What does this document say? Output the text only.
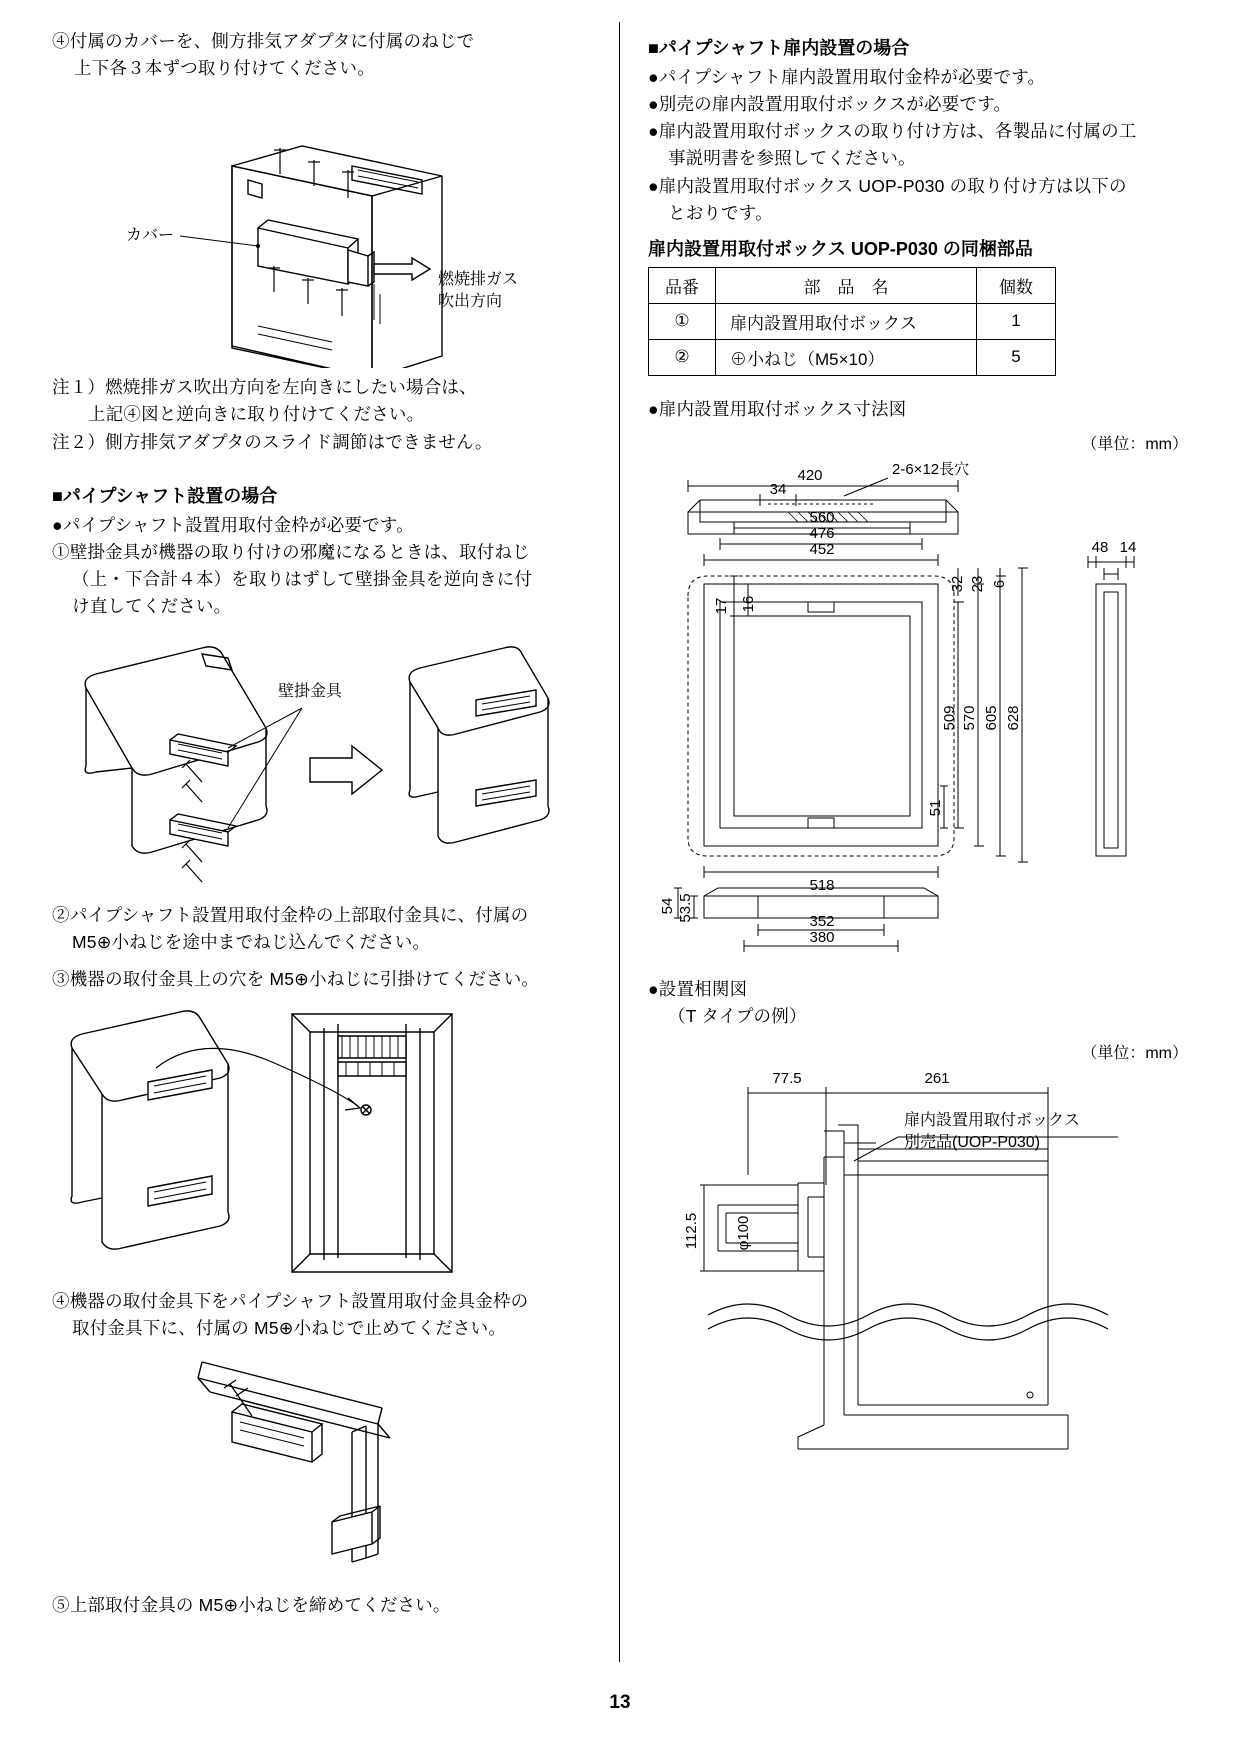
④付属のカバーを、側方排気アダプタに付属のねじで

上下各３本ずつ取り付けてください。

カバー
燃焼排ガス
吹出方向

注１）燃焼排ガス吹出方向を左向きにしたい場合は、

上記④図と逆向きに取り付けてください。

注２）側方排気アダプタのスライド調節はできません。

■パイプシャフト設置の場合

●パイプシャフト設置用取付金枠が必要です。

①壁掛金具が機器の取り付けの邪魔になるときは、取付ねじ

（上・下合計４本）を取りはずして壁掛金具を逆向きに付

け直してください。

壁掛金具

②パイプシャフト設置用取付金枠の上部取付金具に、付属の

M5⊕小ねじを途中までねじ込んでください。

③機器の取付金具上の穴を M5⊕小ねじに引掛けてください。

④機器の取付金具下をパイプシャフト設置用取付金具金枠の

取付金具下に、付属の M5⊕小ねじで止めてください。

⑤上部取付金具の M5⊕小ねじを締めてください。

■パイプシャフト扉内設置の場合

●パイプシャフト扉内設置用取付金枠が必要です。

●別売の扉内設置用取付ボックスが必要です。

●扉内設置用取付ボックスの取り付け方は、各製品に付属の工

事説明書を参照してください。

●扉内設置用取付ボックス UOP-P030 の取り付け方は以下の

とおりです。

扉内設置用取付ボックス UOP-P030 の同梱部品

品番	部　品　名	個数
①	扉内設置用取付ボックス	1
②	⊕小ねじ（M5×10）	5

●扉内設置用取付ボックス寸法図

（単位：mm）

420
34
2-6×12長穴
560
476
452
16
17
32 23 6
48 14
509 570 605 628
51
518
352
380
54 53.5

●設置相関図

（T タイプの例）

（単位：mm）

77.5	261
112.5 φ100
扉内設置用取付ボックス
別売品(UOP-P030)
13
